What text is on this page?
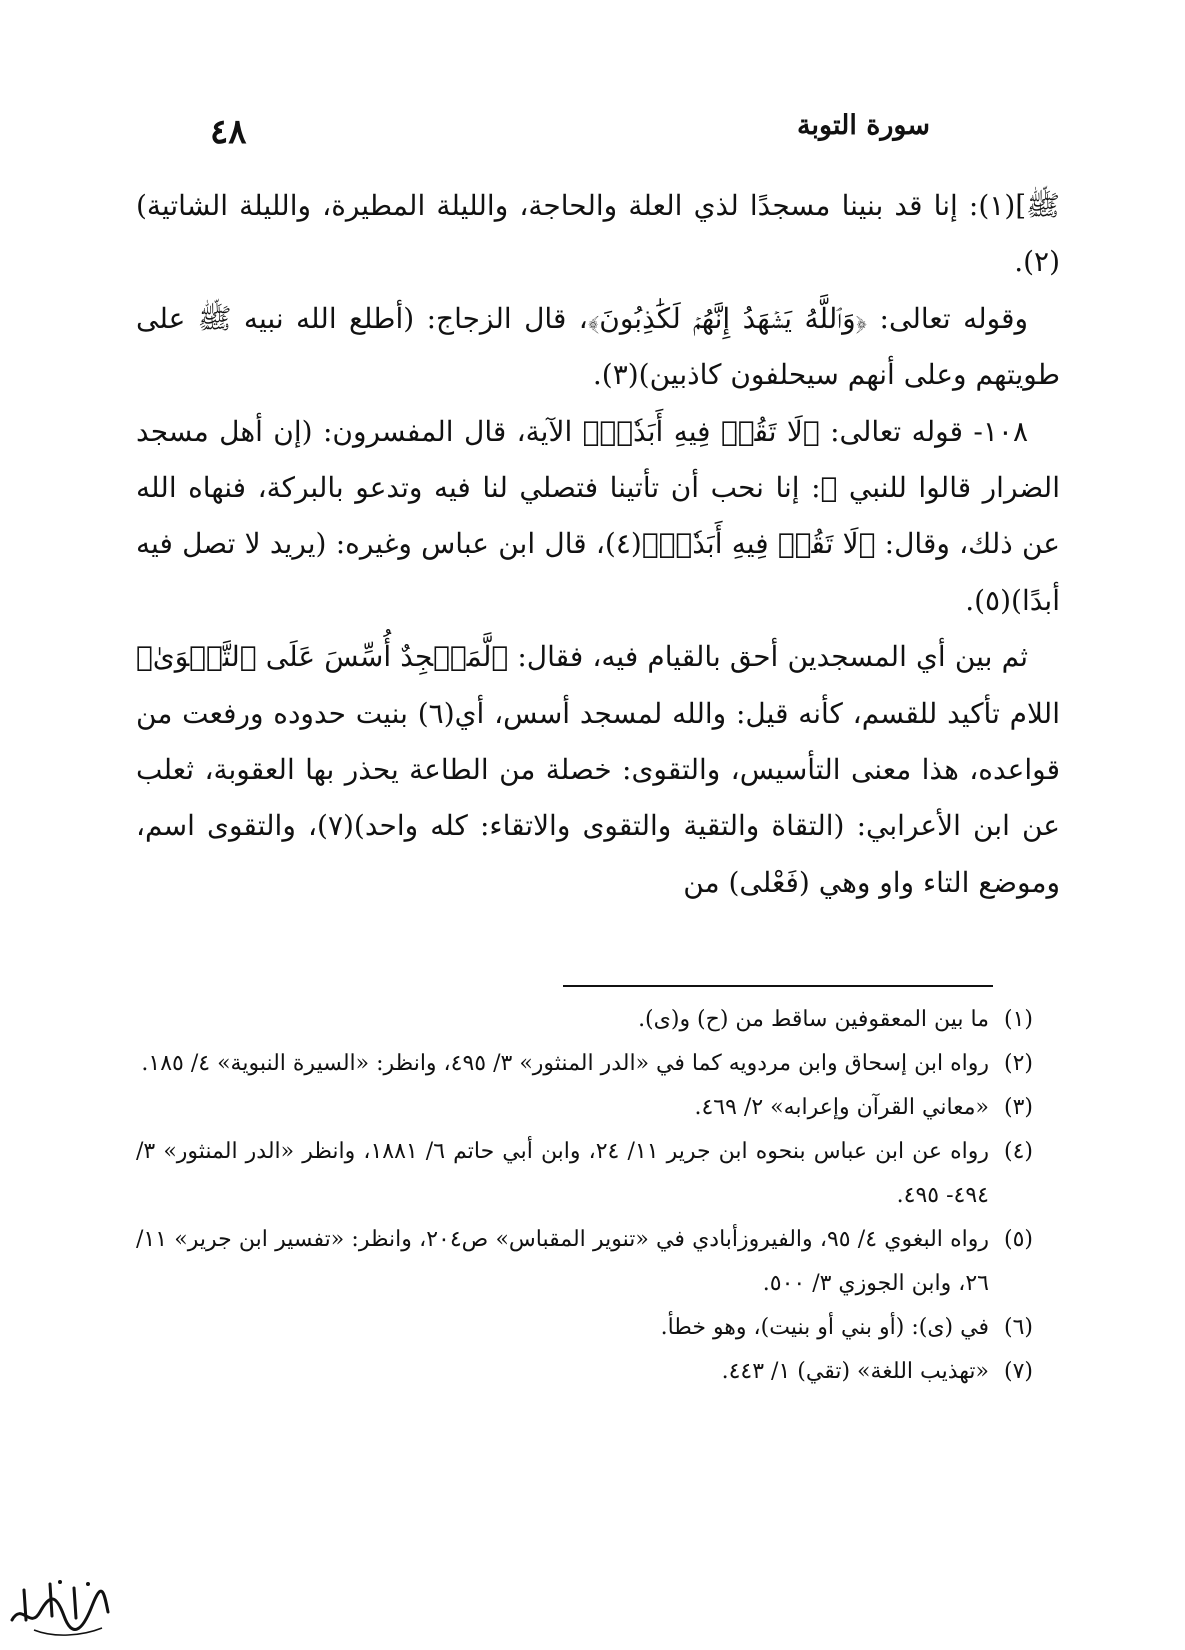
سورة التوبة
٤٨

ﷺ](١): إنا قد بنينا مسجدًا لذي العلة والحاجة، والليلة المطيرة، والليلة الشاتية)(٢).

وقوله تعالى: ﴿وَٱللَّهُ يَشۡهَدُ إِنَّهُمۡ لَكَٰذِبُونَ﴾، قال الزجاج: (أطلع الله نبيه ﷺ على طويتهم وعلى أنهم سيحلفون كاذبين)(٣).

١٠٨- قوله تعالى: ﴿لَا تَقُمۡ فِيهِ أَبَدٗاۚ﴾ الآية، قال المفسرون: (إن أهل مسجد الضرار قالوا للنبي ﷺ: إنا نحب أن تأتينا فتصلي لنا فيه وتدعو بالبركة، فنهاه الله عن ذلك، وقال: ﴿لَا تَقُمۡ فِيهِ أَبَدٗاۚ﴾(٤)، قال ابن عباس وغيره: (يريد لا تصل فيه أبدًا)(٥).

ثم بين أي المسجدين أحق بالقيام فيه، فقال: ﴿لَّمَسۡجِدٌ أُسِّسَ عَلَى ٱلتَّقۡوَىٰ﴾ اللام تأكيد للقسم، كأنه قيل: والله لمسجد أسس، أي(٦) بنيت حدوده ورفعت من قواعده، هذا معنى التأسيس، والتقوى: خصلة من الطاعة يحذر بها العقوبة، ثعلب عن ابن الأعرابي: (التقاة والتقية والتقوى والاتقاء: كله واحد)(٧)، والتقوى اسم، وموضع التاء واو وهي (فَعْلى) من

(١)
ما بين المعقوفين ساقط من (ح) و(ى).
(٢)
رواه ابن إسحاق وابن مردويه كما في «الدر المنثور» ٣/ ٤٩٥، وانظر: «السيرة النبوية» ٤/ ١٨٥.
(٣)
«معاني القرآن وإعرابه» ٢/ ٤٦٩.
(٤)
رواه عن ابن عباس بنحوه ابن جرير ١١/ ٢٤، وابن أبي حاتم ٦/ ١٨٨١، وانظر «الدر المنثور» ٣/ ٤٩٤- ٤٩٥.
(٥)
رواه البغوي ٤/ ٩٥، والفيروزأبادي في «تنوير المقباس» ص٢٠٤، وانظر: «تفسير ابن جرير» ١١/ ٢٦، وابن الجوزي ٣/ ٥٠٠.
(٦)
في (ى): (أو بني أو بنيت)، وهو خطأ.
(٧)
«تهذيب اللغة» (تقي) ١/ ٤٤٣.
